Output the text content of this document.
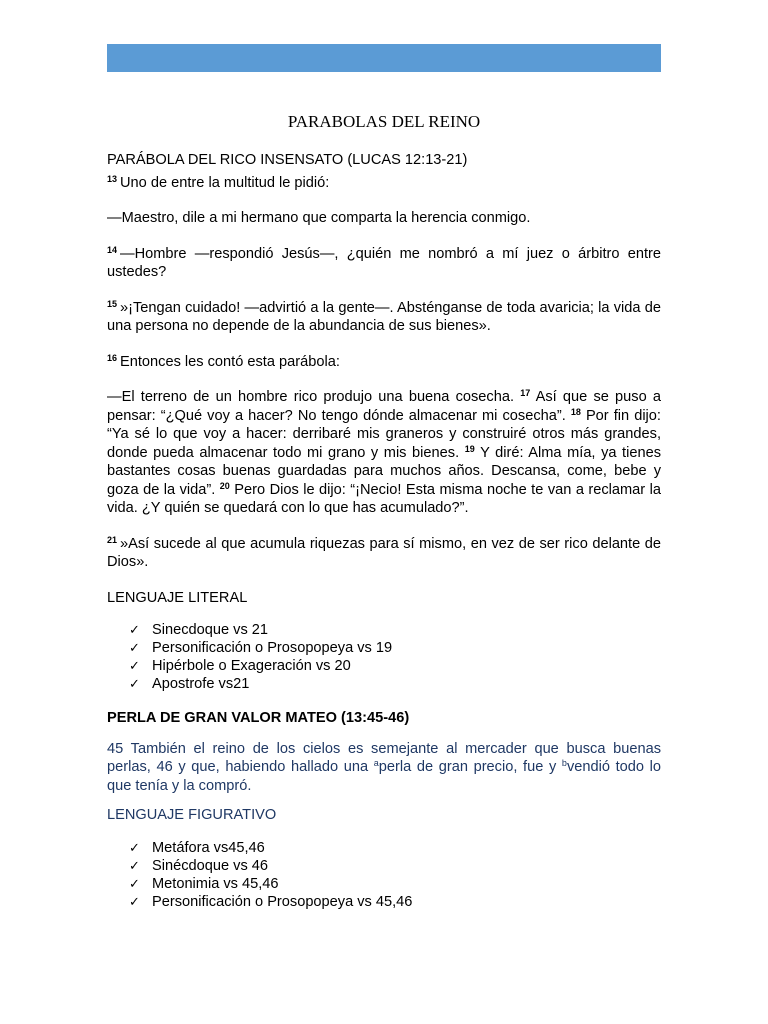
PARABOLAS DEL REINO

PARÁBOLA DEL RICO INSENSATO (LUCAS 12:13-21)

$^{13}$ Uno de entre la multitud le pidió:

—Maestro, dile a mi hermano que comparta la herencia conmigo.

$^{14}$ —Hombre —respondió Jesús—, ¿quién me nombró a mí juez o árbitro entre ustedes?

$^{15}$ »¡Tengan cuidado! —advirtió a la gente—. Absténganse de toda avaricia; la vida de una persona no depende de la abundancia de sus bienes».

$^{16}$ Entonces les contó esta parábola:

—El terreno de un hombre rico produjo una buena cosecha. $^{17}$ Así que se puso a pensar: “¿Qué voy a hacer? No tengo dónde almacenar mi cosecha”. $^{18}$ Por fin dijo: “Ya sé lo que voy a hacer: derribaré mis graneros y construiré otros más grandes, donde pueda almacenar todo mi grano y mis bienes. $^{19}$ Y diré: Alma mía, ya tienes bastantes cosas buenas guardadas para muchos años. Descansa, come, bebe y goza de la vida”. $^{20}$ Pero Dios le dijo: “¡Necio! Esta misma noche te van a reclamar la vida. ¿Y quién se quedará con lo que has acumulado?”.

$^{21}$ »Así sucede al que acumula riquezas para sí mismo, en vez de ser rico delante de Dios».

LENGUAJE LITERAL

✓ Sinecdoque vs 21
✓ Personificación o Prosopopeya vs 19
✓ Hipérbole o Exageración vs 20
✓ Apostrofe vs21

PERLA DE GRAN VALOR MATEO (13:45-46)

45 También el reino de los cielos es semejante al mercader que busca buenas perlas, 46 y que, habiendo hallado una $^a$perla de gran precio, fue y $^b$vendió todo lo que tenía y la compró.

LENGUAJE FIGURATIVO

✓ Metáfora vs45,46
✓ Sinécdoque vs 46
✓ Metonimia vs 45,46
✓ Personificación o Prosopopeya vs 45,46
